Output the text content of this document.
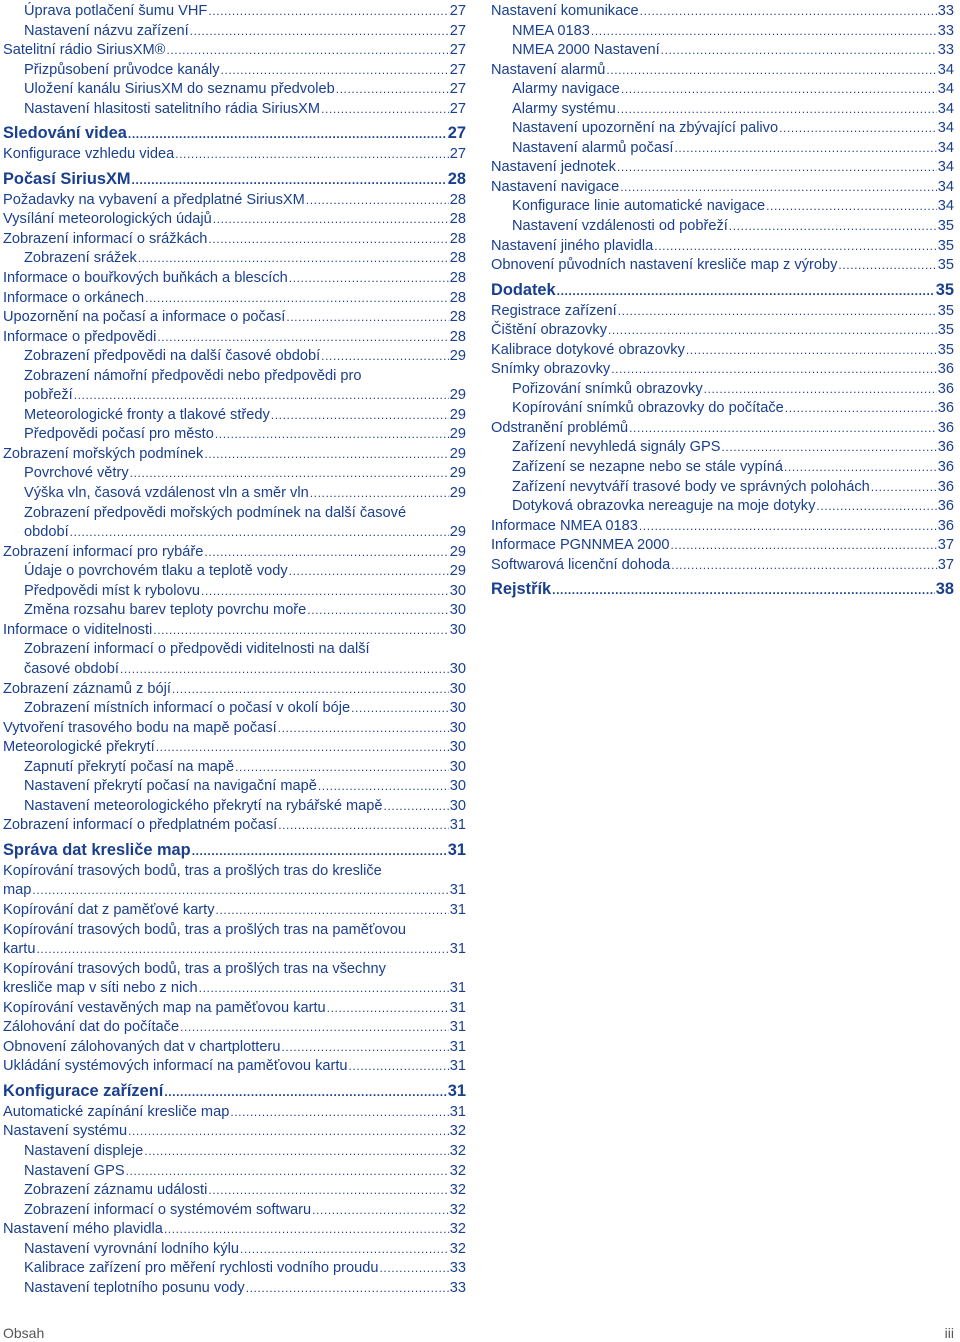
Úprava potlačení šumu VHF .....	27
Nastavení názvu zařízení .....	27
Satelitní rádio SiriusXM® .....	27
Přizpůsobení průvodce kanály .....	27
Uložení kanálu SiriusXM do seznamu předvoleb .....	27
Nastavení hlasitosti satelitního rádia SiriusXM .....	27
Sledování videa .....	27
Konfigurace vzhledu videa .....	27
Počasí SiriusXM .....	28
Požadavky na vybavení a předplatné SiriusXM .....	28
Vysílání meteorologických údajů .....	28
Zobrazení informací o srážkách .....	28
Zobrazení srážek .....	28
Informace o bouřkových buňkách a blescích .....	28
Informace o orkánech .....	28
Upozornění na počasí a informace o počasí .....	28
Informace o předpovědi .....	28
Zobrazení předpovědi na další časové období .....	29
Zobrazení námořní předpovědi nebo předpovědi pro
pobřeží .....	29
Meteorologické fronty a tlakové středy .....	29
Předpovědi počasí pro město .....	29
Zobrazení mořských podmínek .....	29
Povrchové větry .....	29
Výška vln, časová vzdálenost vln a směr vln .....	29
Zobrazení předpovědi mořských podmínek na další časové
období .....	29
Zobrazení informací pro rybáře .....	29
Údaje o povrchovém tlaku a teplotě vody .....	29
Předpovědi míst k rybolovu .....	30
Změna rozsahu barev teploty povrchu moře .....	30
Informace o viditelnosti .....	30
Zobrazení informací o předpovědi viditelnosti na další
časové období .....	30
Zobrazení záznamů z bójí .....	30
Zobrazení místních informací o počasí v okolí bóje .....	30
Vytvoření trasového bodu na mapě počasí .....	30
Meteorologické překrytí .....	30
Zapnutí překrytí počasí na mapě .....	30
Nastavení překrytí počasí na navigační mapě .....	30
Nastavení meteorologického překrytí na rybářské mapě .....	30
Zobrazení informací o předplatném počasí .....	31
Správa dat kresliče map .....	31
Kopírování trasových bodů, tras a prošlých tras do kresliče
map .....	31
Kopírování dat z paměťové karty .....	31
Kopírování trasových bodů, tras a prošlých tras na paměťovou
kartu .....	31
Kopírování trasových bodů, tras a prošlých tras na všechny
kresliče map v síti nebo z nich .....	31
Kopírování vestavěných map na paměťovou kartu .....	31
Zálohování dat do počítače .....	31
Obnovení zálohovaných dat v chartplotteru .....	31
Ukládání systémových informací na paměťovou kartu .....	31
Konfigurace zařízení .....	31
Automatické zapínání kresliče map .....	31
Nastavení systému .....	32
Nastavení displeje .....	32
Nastavení GPS .....	32
Zobrazení záznamu události .....	32
Zobrazení informací o systémovém softwaru .....	32
Nastavení mého plavidla .....	32
Nastavení vyrovnání lodního kýlu .....	32
Kalibrace zařízení pro měření rychlosti vodního proudu .....	33
Nastavení teplotního posunu vody .....	33
Nastavení komunikace .....	33
NMEA 0183 .....	33
NMEA 2000 Nastavení .....	33
Nastavení alarmů .....	34
Alarmy navigace .....	34
Alarmy systému .....	34
Nastavení upozornění na zbývající palivo .....	34
Nastavení alarmů počasí .....	34
Nastavení jednotek .....	34
Nastavení navigace .....	34
Konfigurace linie automatické navigace .....	34
Nastavení vzdálenosti od pobřeží .....	35
Nastavení jiného plavidla .....	35
Obnovení původních nastavení kresliče map z výroby .....	35
Dodatek .....	35
Registrace zařízení .....	35
Čištění obrazovky .....	35
Kalibrace dotykové obrazovky .....	35
Snímky obrazovky .....	36
Pořizování snímků obrazovky .....	36
Kopírování snímků obrazovky do počítače .....	36
Odstranění problémů .....	36
Zařízení nevyhledá signály GPS .....	36
Zařízení se nezapne nebo se stále vypíná .....	36
Zařízení nevytváří trasové body ve správných polohách .....	36
Dotyková obrazovka nereaguje na moje dotyky .....	36
Informace NMEA 0183 .....	36
Informace PGNNMEA 2000 .....	37
Softwarová licenční dohoda .....	37
Rejstřík .....	38
Obsah	iii
